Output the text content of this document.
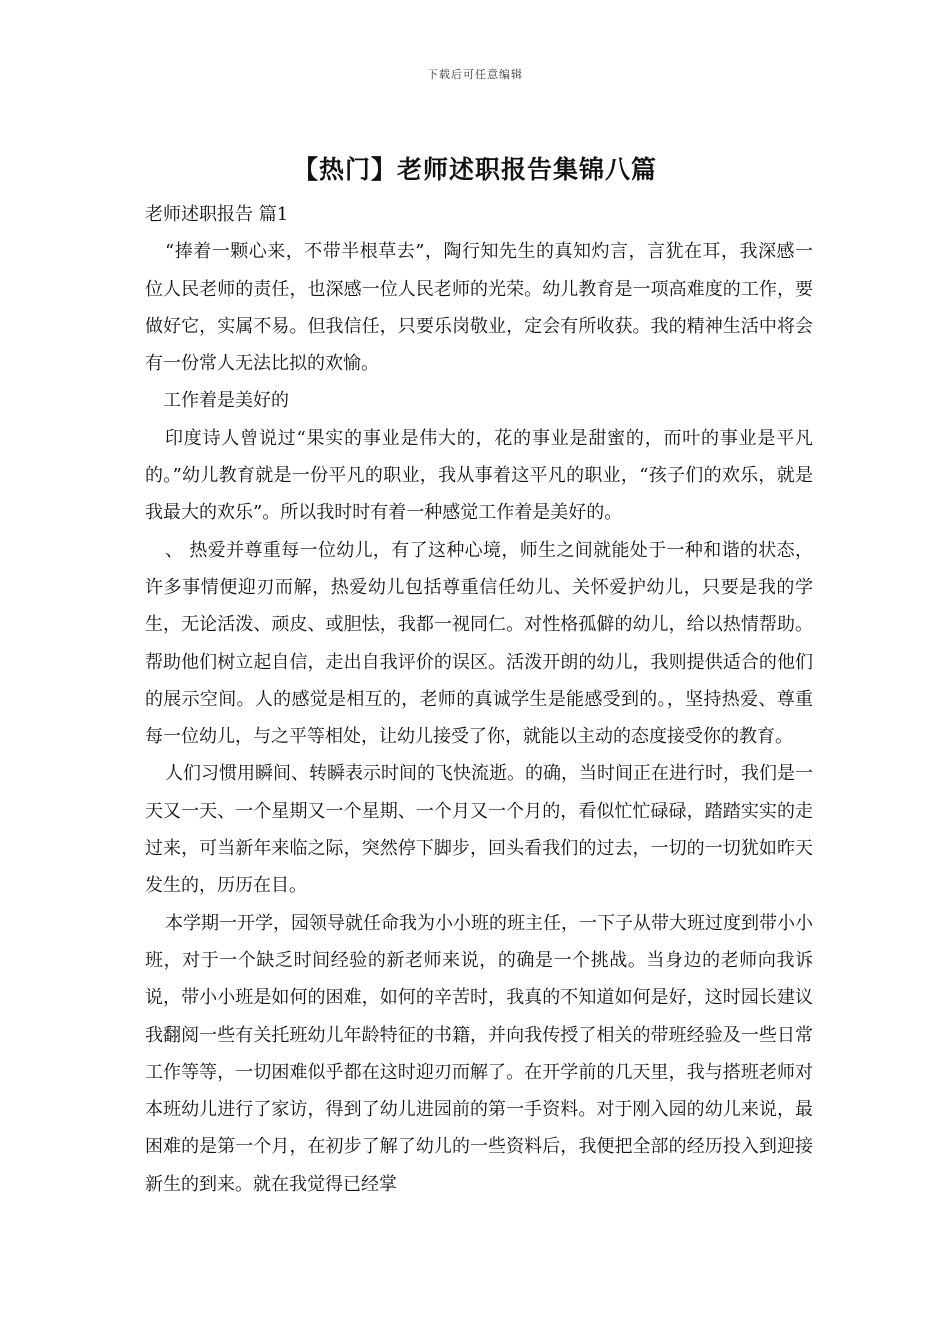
下载后可任意编辑
【热门】老师述职报告集锦八篇

老师述职报告 篇1

“捧着一颗心来，不带半根草去”，陶行知先生的真知灼言，言犹在耳，我深感一位人民老师的责任，也深感一位人民老师的光荣。幼儿教育是一项高难度的工作，要做好它，实属不易。但我信任，只要乐岗敬业，定会有所收获。我的精神生活中将会有一份常人无法比拟的欢愉。

工作着是美好的

印度诗人曾说过“果实的事业是伟大的，花的事业是甜蜜的，而叶的事业是平凡的。”幼儿教育就是一份平凡的职业，我从事着这平凡的职业，“孩子们的欢乐，就是我最大的欢乐”。所以我时时有着一种感觉工作着是美好的。

、 热爱并尊重每一位幼儿，有了这种心境，师生之间就能处于一种和谐的状态，许多事情便迎刃而解，热爱幼儿包括尊重信任幼儿、关怀爱护幼儿，只要是我的学生，无论活泼、顽皮、或胆怯，我都一视同仁。对性格孤僻的幼儿，给以热情帮助。帮助他们树立起自信，走出自我评价的误区。活泼开朗的幼儿，我则提供适合的他们的展示空间。人的感觉是相互的，老师的真诚学生是能感受到的。，坚持热爱、尊重每一位幼儿，与之平等相处，让幼儿接受了你，就能以主动的态度接受你的教育。

人们习惯用瞬间、转瞬表示时间的飞快流逝。的确，当时间正在进行时，我们是一天又一天、一个星期又一个星期、一个月又一个月的，看似忙忙碌碌，踏踏实实的走过来，可当新年来临之际，突然停下脚步，回头看我们的过去，一切的一切犹如昨天发生的，历历在目。

本学期一开学，园领导就任命我为小小班的班主任，一下子从带大班过度到带小小班，对于一个缺乏时间经验的新老师来说，的确是一个挑战。当身边的老师向我诉说，带小小班是如何的困难，如何的辛苦时，我真的不知道如何是好，这时园长建议我翻阅一些有关托班幼儿年龄特征的书籍，并向我传授了相关的带班经验及一些日常工作等等，一切困难似乎都在这时迎刃而解了。在开学前的几天里，我与搭班老师对本班幼儿进行了家访，得到了幼儿进园前的第一手资料。对于刚入园的幼儿来说，最困难的是第一个月，在初步了解了幼儿的一些资料后，我便把全部的经历投入到迎接新生的到来。就在我觉得已经掌
